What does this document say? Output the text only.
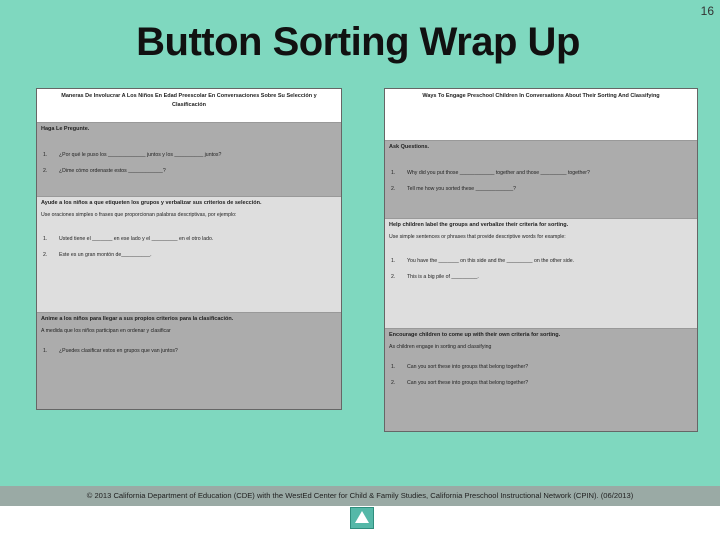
16
Button Sorting Wrap Up
Maneras De Involucrar A Los Niños En Edad Preescolar En Conversaciones Sobre Su Selección y Clasificación
Haga Le Pregunte.
1. ¿Por qué le puso los _____________ juntos y los __________ juntos?
2. ¿Dime cómo ordenaste estos ____________?
Ayude a los niños a que etiqueten los grupos y verbalizar sus criterios de selección.
Use oraciones simples o frases que proporcionan palabras descriptivas, por ejemplo:
1. Usted tiene el _______ en ese lado y el _________ en el otro lado.
2. Este es un gran montón de__________.
Anime a los niños para llegar a sus propios criterios para la clasificación.
A medida que los niños participan en ordenar y clasificar
1. ¿Puedes clasificar estos en grupos que van juntos?
Ways To Engage Preschool Children In Conversations About Their Sorting And Classifying
Ask Questions.
1. Why did you put those ____________ together and those _________ together?
2. Tell me how you sorted these _____________?
Help children label the groups and verbalize their criteria for sorting.
Use simple sentences or phrases that provide descriptive words for example:
1. You have the _______ on this side and the _________ on the other side.
2. This is a big pile of _________.
Encourage children to come up with their own criteria for sorting.
As children engage in sorting and classifying
1. Can you sort these into groups that belong together?
2. Can you sort these into groups that belong together?
© 2013 California Department of Education (CDE) with the WestEd Center for Child & Family Studies, California Preschool Instructional Network (CPIN). (06/2013)
